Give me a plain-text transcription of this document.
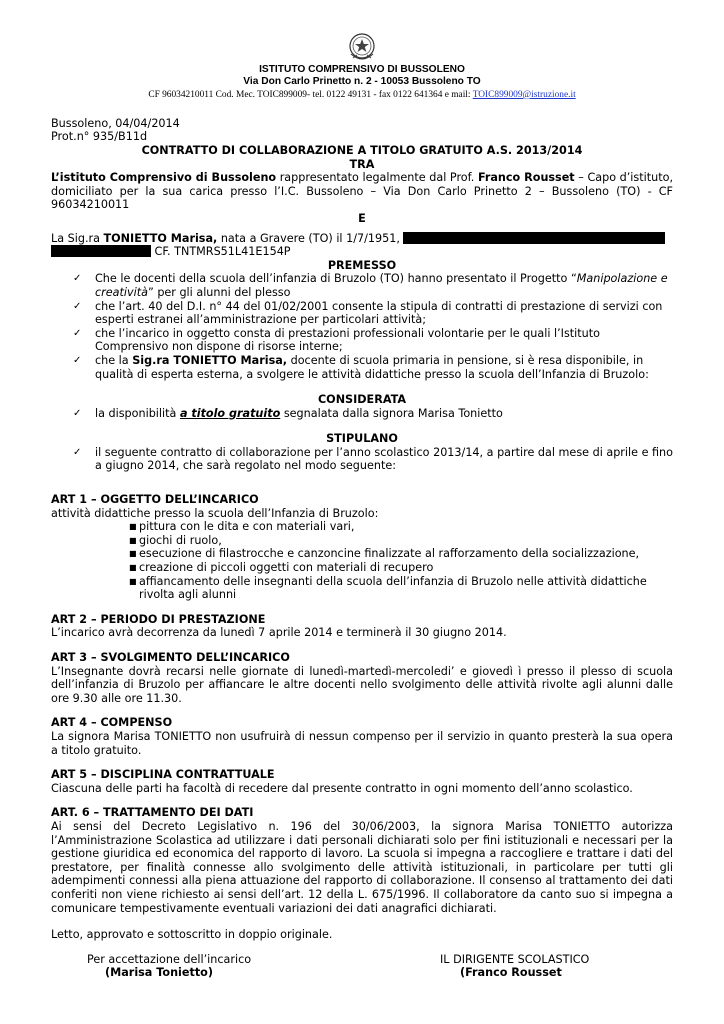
ISTITUTO COMPRENSIVO DI BUSSOLENO
Via Don Carlo Prinetto n. 2 - 10053 Bussoleno TO
CF 96034210011 Cod. Mec. TOIC899009- tel. 0122 49131 - fax 0122 641364 e mail: TOIC899009@istruzione.it
Bussoleno, 04/04/2014
Prot.n° 935/B11d
CONTRATTO DI COLLABORAZIONE A TITOLO GRATUITO A.S. 2013/2014
TRA
L’istituto Comprensivo di Bussoleno rappresentato legalmente dal Prof. Franco Rousset – Capo d’istituto, domiciliato per la sua carica presso l’I.C. Bussoleno – Via Don Carlo Prinetto 2 – Bussoleno (TO) - CF 96034210011
E
La Sig.ra TONIETTO Marisa, nata a Gravere (TO) il 1/7/1951,
CF. TNTMRS51L41E154P
PREMESSO
✓ Che le docenti della scuola dell’infanzia di Bruzolo (TO) hanno presentato il Progetto “Manipolazione e creatività” per gli alunni del plesso
✓ che l’art. 40 del D.I. n° 44 del 01/02/2001 consente la stipula di contratti di prestazione di servizi con esperti estranei all’amministrazione per particolari attività;
✓ che l’incarico in oggetto consta di prestazioni professionali volontarie per le quali l’Istituto Comprensivo non dispone di risorse interne;
✓ che la Sig.ra TONIETTO Marisa, docente di scuola primaria in pensione, si è resa disponibile, in qualità di esperta esterna, a svolgere le attività didattiche presso la scuola dell’Infanzia di Bruzolo:
CONSIDERATA
✓ la disponibilità a titolo gratuito segnalata dalla signora Marisa Tonietto
STIPULANO
✓ il seguente contratto di collaborazione per l’anno scolastico 2013/14, a partire dal mese di aprile e fino a giugno 2014, che sarà regolato nel modo seguente:
ART 1 – OGGETTO DELL’INCARICO
attività didattiche presso la scuola dell’Infanzia di Bruzolo:
■ pittura con le dita e con materiali vari,
■ giochi di ruolo,
■ esecuzione di filastrocche e canzoncine finalizzate al rafforzamento della socializzazione,
■ creazione di piccoli oggetti con materiali di recupero
■ affiancamento delle insegnanti della scuola dell’infanzia di Bruzolo nelle attività didattiche rivolta agli alunni
ART 2 – PERIODO DI PRESTAZIONE
L’incarico avrà decorrenza da lunedì 7 aprile 2014 e terminerà il 30 giugno 2014.
ART 3 – SVOLGIMENTO DELL’INCARICO
L’Insegnante dovrà recarsi nelle giornate di lunedì-martedì-mercoledi’ e giovedì ì presso il plesso di scuola dell’infanzia di Bruzolo per affiancare le altre docenti nello svolgimento delle attività rivolte agli alunni dalle ore 9.30 alle ore 11.30.
ART 4 – COMPENSO
La signora Marisa TONIETTO non usufruirà di nessun compenso per il servizio in quanto presterà la sua opera a titolo gratuito.
ART 5 – DISCIPLINA CONTRATTUALE
Ciascuna delle parti ha facoltà di recedere dal presente contratto in ogni momento dell’anno scolastico.
ART. 6 – TRATTAMENTO DEI DATI
Ai sensi del Decreto Legislativo n. 196 del 30/06/2003, la signora Marisa TONIETTO autorizza l’Amministrazione Scolastica ad utilizzare i dati personali dichiarati solo per fini istituzionali e necessari per la gestione giuridica ed economica del rapporto di lavoro. La scuola si impegna a raccogliere e trattare i dati del prestatore, per finalità connesse allo svolgimento delle attività istituzionali, in particolare per tutti gli adempimenti connessi alla piena attuazione del rapporto di collaborazione. Il consenso al trattamento dei dati conferiti non viene richiesto ai sensi dell’art. 12 della L. 675/1996. Il collaboratore da canto suo si impegna a comunicare tempestivamente eventuali variazioni dei dati anagrafici dichiarati.
Letto, approvato e sottoscritto in doppio originale.
Per accettazione dell’incarico
(Marisa Tonietto)
IL DIRIGENTE SCOLASTICO
(Franco Rousset
